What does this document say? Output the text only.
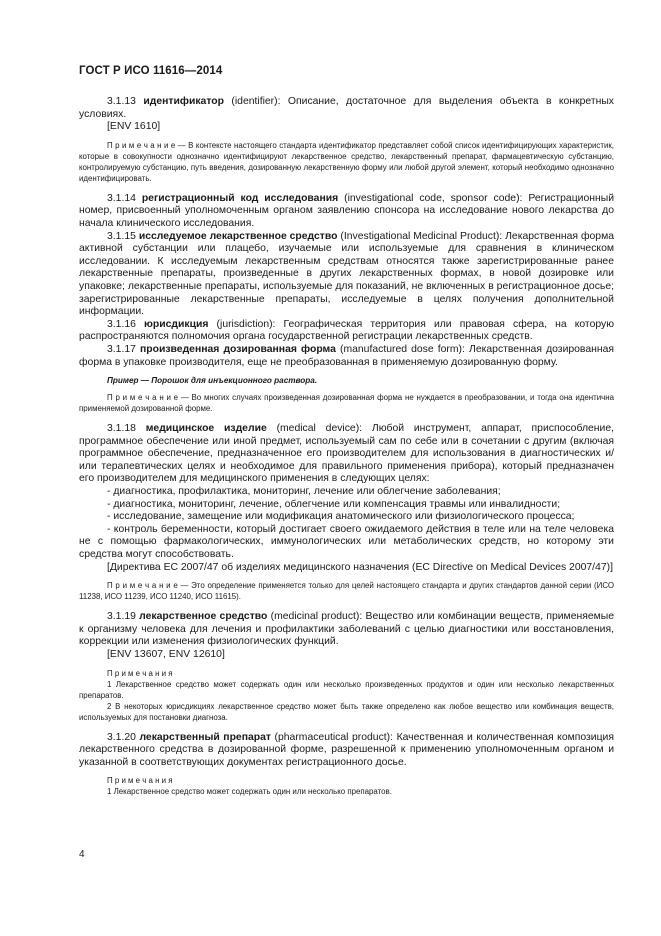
ГОСТ Р ИСО 11616—2014

3.1.13 идентификатор (identifier): Описание, достаточное для выделения объекта в конкретных условиях.

[ENV 1610]

П р и м е ч а н и е — В контексте настоящего стандарта идентификатор представляет собой список идентифицирующих характеристик, которые в совокупности однозначно идентифицируют лекарственное средство, лекарственный препарат, фармацевтическую субстанцию, контролируемую субстанцию, путь введения, дозированную лекарственную форму или любой другой элемент, который необходимо однозначно идентифицировать.

3.1.14 регистрационный код исследования (investigational code, sponsor code): Регистрационный номер, присвоенный уполномоченным органом заявлению спонсора на исследование нового лекарства до начала клинического исследования.

3.1.15 исследуемое лекарственное средство (Investigational Medicinal Product): Лекарственная форма активной субстанции или плацебо, изучаемые или используемые для сравнения в клиническом исследовании. К исследуемым лекарственным средствам относятся также зарегистрированные ранее лекарственные препараты, произведенные в других лекарственных формах, в новой дозировке или упаковке; лекарственные препараты, используемые для показаний, не включенных в регистрационное досье; зарегистрированные лекарственные препараты, исследуемые в целях получения дополнительной информации.

3.1.16 юрисдикция (jurisdiction): Географическая территория или правовая сфера, на которую распространяются полномочия органа государственной регистрации лекарственных средств.

3.1.17 произведенная дозированная форма (manufactured dose form): Лекарственная дозированная форма в упаковке производителя, еще не преобразованная в применяемую дозированную форму.

Пример — Порошок для инъекционного раствора.

П р и м е ч а н и е — Во многих случаях произведенная дозированная форма не нуждается в преобразовании, и тогда она идентична применяемой дозированной форме.

3.1.18 медицинское изделие (medical device): Любой инструмент, аппарат, приспособление, программное обеспечение или иной предмет, используемый сам по себе или в сочетании с другим (включая программное обеспечение, предназначенное его производителем для использования в диагностических и/или терапевтических целях и необходимое для правильного применения прибора), который предназначен его производителем для медицинского применения в следующих целях:

- диагностика, профилактика, мониторинг, лечение или облегчение заболевания;

- диагностика, мониторинг, лечение, облегчение или компенсация травмы или инвалидности;

- исследование, замещение или модификация анатомического или физиологического процесса;

- контроль беременности, который достигает своего ожидаемого действия в теле или на теле человека не с помощью фармакологических, иммунологических или метаболических средств, но которому эти средства могут способствовать.

[Директива ЕС 2007/47 об изделиях медицинского назначения (EC Directive on Medical Devices 2007/47)]

П р и м е ч а н и е — Это определение применяется только для целей настоящего стандарта и других стандартов данной серии (ИСО 11238, ИСО 11239, ИСО 11240, ИСО 11615).

3.1.19 лекарственное средство (medicinal product): Вещество или комбинации веществ, применяемые к организму человека для лечения и профилактики заболеваний с целью диагностики или восстановления, коррекции или изменения физиологических функций.

[ENV 13607, ENV 12610]

П р и м е ч а н и я

1 Лекарственное средство может содержать один или несколько произведенных продуктов и один или несколько лекарственных препаратов.

2 В некоторых юрисдикциях лекарственное средство может быть также определено как любое вещество или комбинация веществ, используемых для постановки диагноза.

3.1.20 лекарственный препарат (pharmaceutical product): Качественная и количественная композиция лекарственного средства в дозированной форме, разрешенной к применению уполномоченным органом и указанной в соответствующих документах регистрационного досье.

П р и м е ч а н и я

1 Лекарственное средство может содержать один или несколько препаратов.

4
